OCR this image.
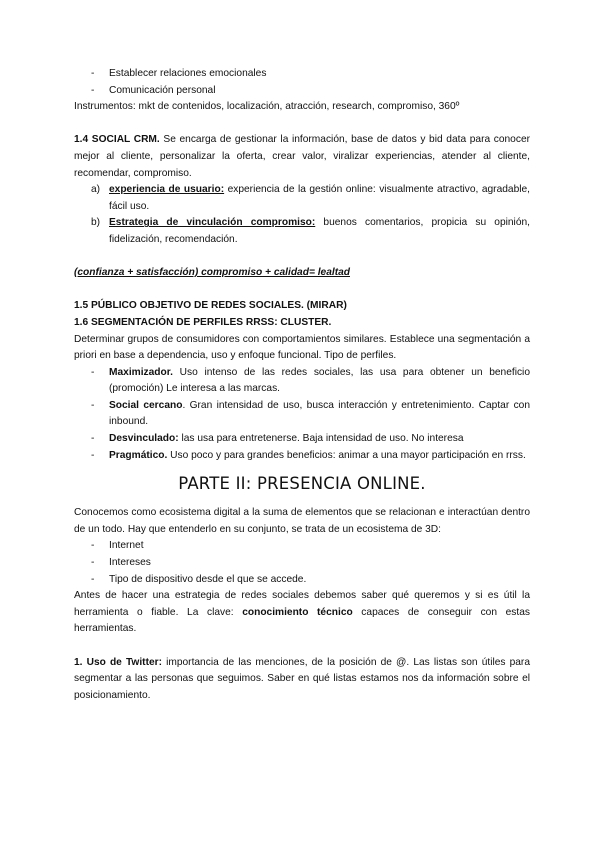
- Establecer relaciones emocionales
- Comunicación personal

Instrumentos: mkt de contenidos, localización, atracción, research, compromiso, 360º

1.4 SOCIAL CRM. Se encarga de gestionar la información, base de datos y bid data para conocer mejor al cliente, personalizar la oferta, crear valor, viralizar experiencias, atender al cliente, recomendar, compromiso.

a) experiencia de usuario: experiencia de la gestión online: visualmente atractivo, agradable, fácil uso.
b) Estrategia de vinculación compromiso: buenos comentarios, propicia su opinión, fidelización, recomendación.

(confianza + satisfacción) compromiso + calidad= lealtad

1.5 PÚBLICO OBJETIVO DE REDES SOCIALES. (MIRAR)

1.6 SEGMENTACIÓN DE PERFILES RRSS: CLUSTER.

Determinar grupos de consumidores con comportamientos similares. Establece una segmentación a priori en base a dependencia, uso y enfoque funcional. Tipo de perfiles.

- Maximizador. Uso intenso de las redes sociales, las usa para obtener un beneficio (promoción) Le interesa a las marcas.
- Social cercano. Gran intensidad de uso, busca interacción y entretenimiento. Captar con inbound.
- Desvinculado: las usa para entretenerse. Baja intensidad de uso. No interesa
- Pragmático. Uso poco y para grandes beneficios: animar a una mayor participación en rrss.
PARTE II: PRESENCIA ONLINE.

Conocemos como ecosistema digital a la suma de elementos que se relacionan e interactúan dentro de un todo. Hay que entenderlo en su conjunto, se trata de un ecosistema de 3D:

- Internet
- Intereses
- Tipo de dispositivo desde el que se accede.

Antes de hacer una estrategia de redes sociales debemos saber qué queremos y si es útil la herramienta o fiable. La clave: conocimiento técnico capaces de conseguir con estas herramientas.

1. Uso de Twitter: importancia de las menciones, de la posición de @. Las listas son útiles para segmentar a las personas que seguimos. Saber en qué listas estamos nos da información sobre el posicionamiento.
